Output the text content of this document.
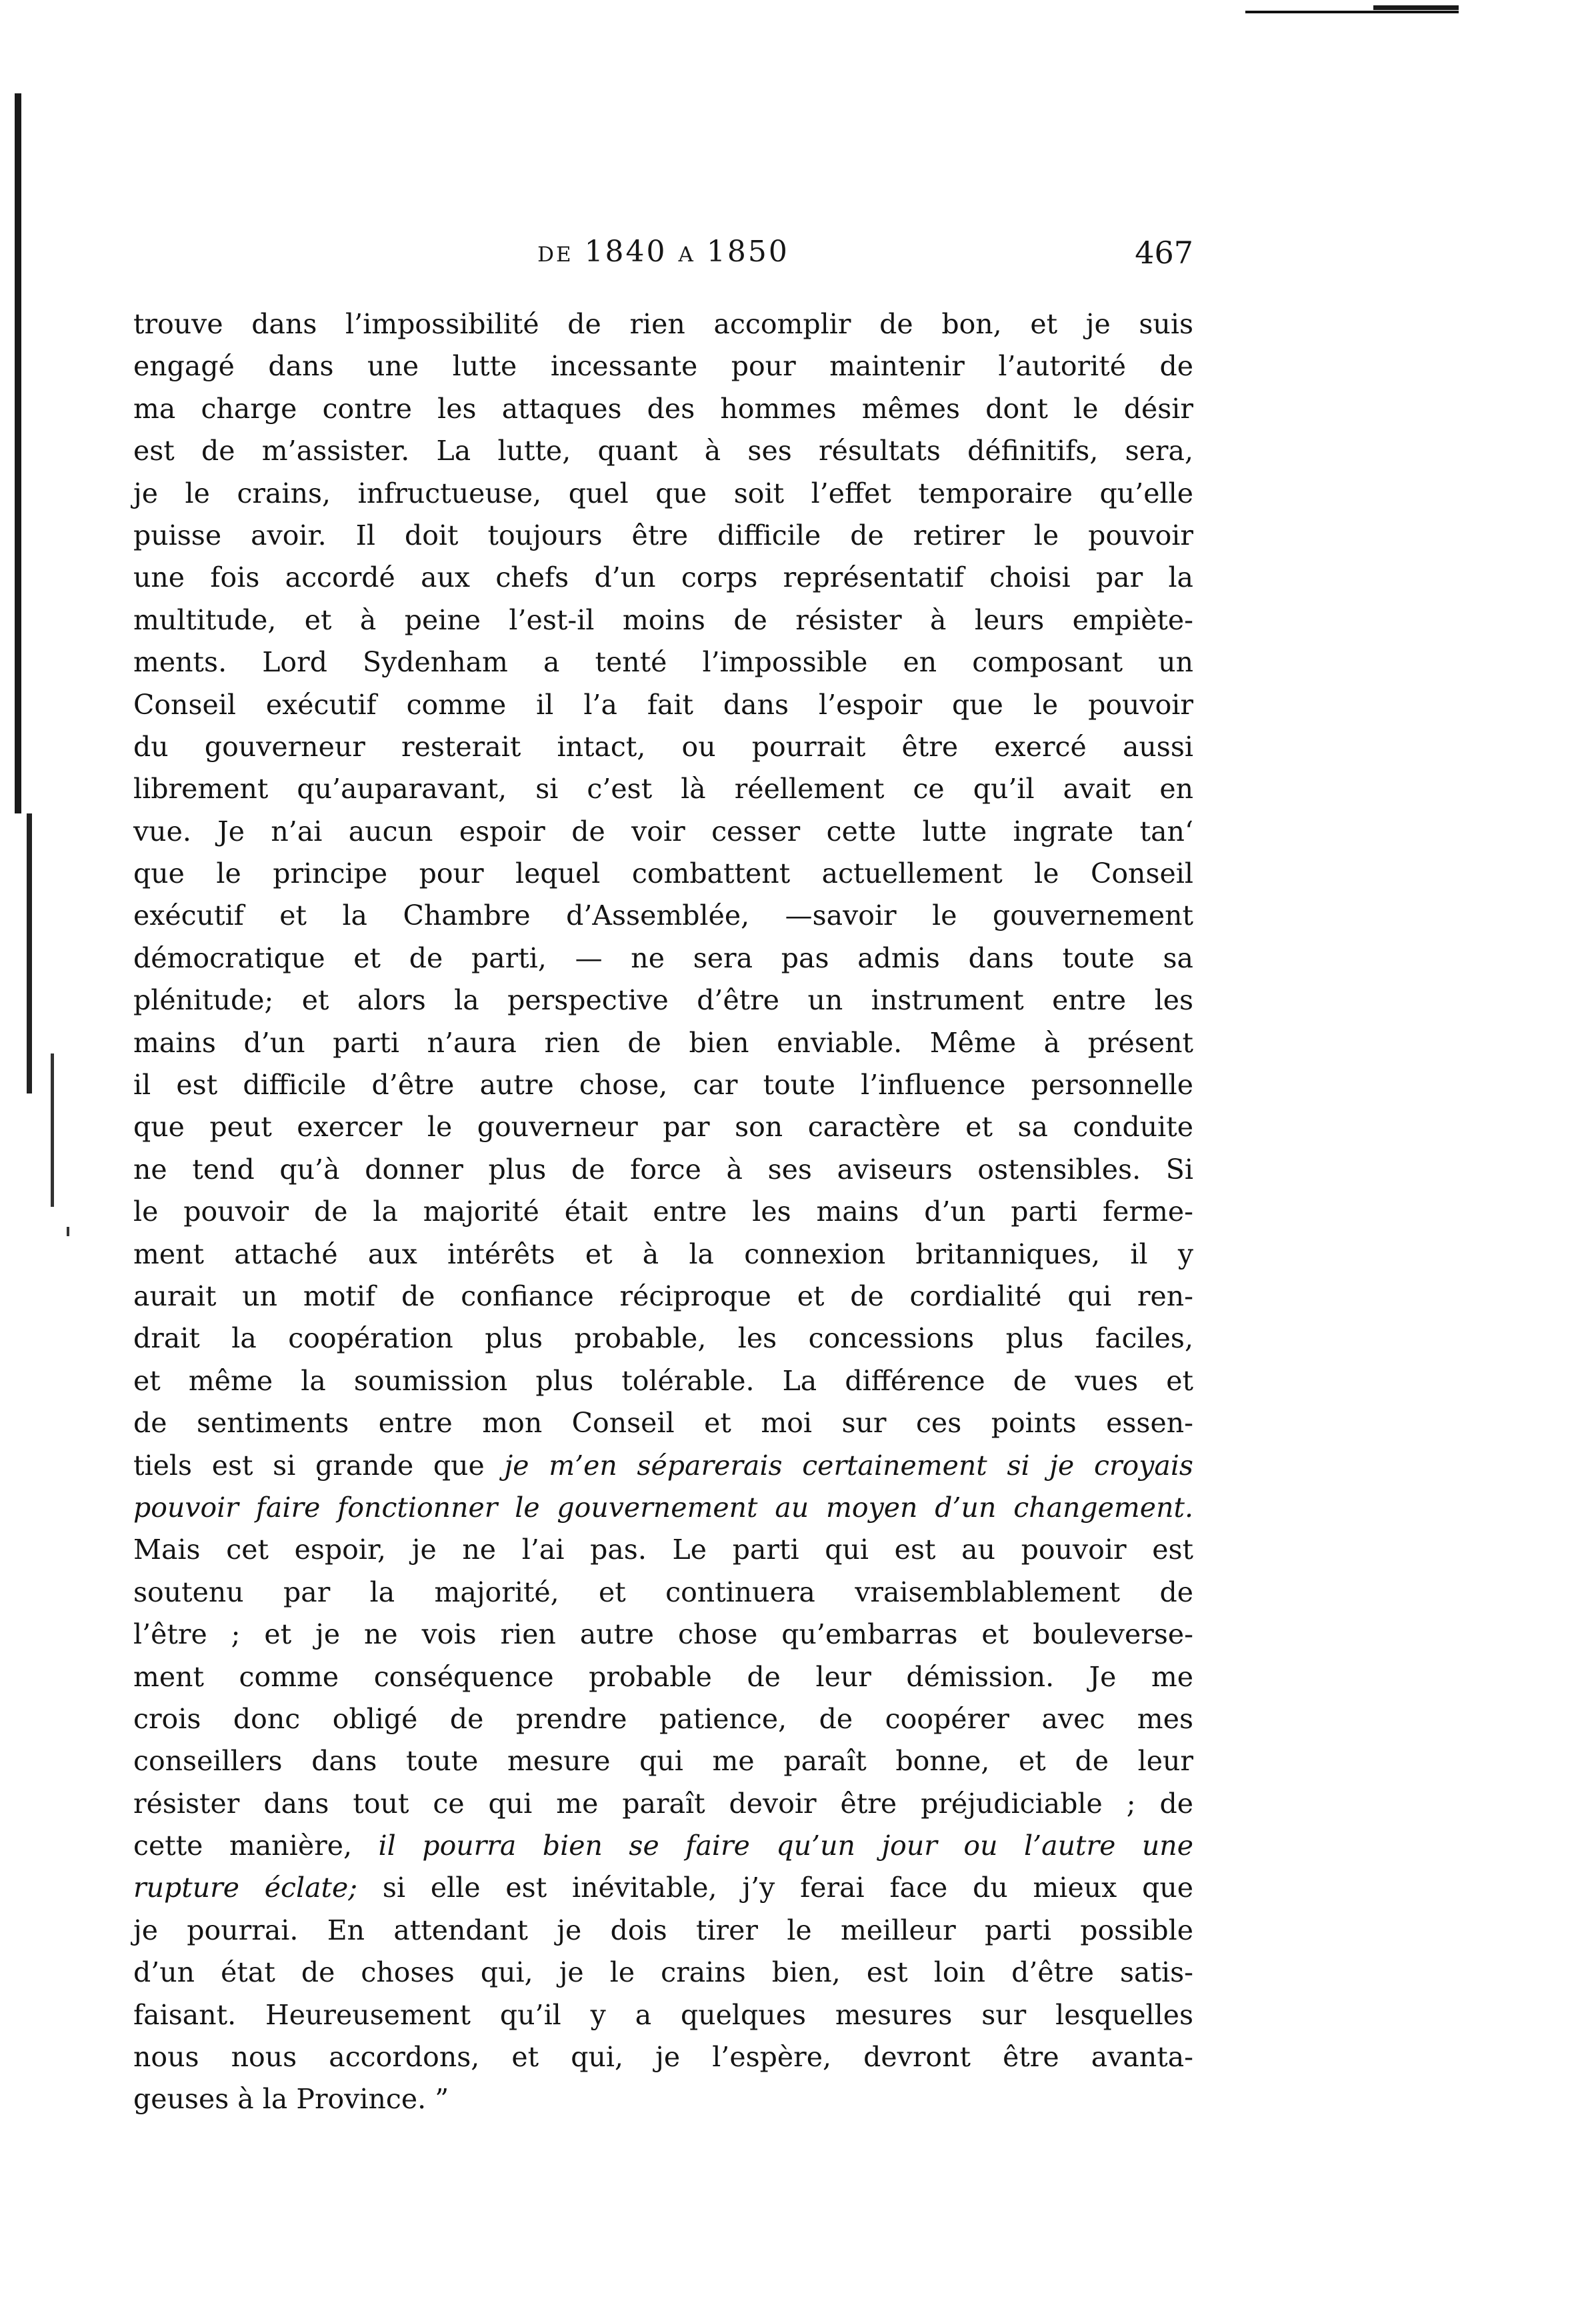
de 1840 a 1850	467
trouve dans l’impossibilité de rien accomplir de bon, et je suis
engagé dans une lutte incessante pour maintenir l’autorité de
ma charge contre les attaques des hommes mêmes dont le désir
est de m’assister. La lutte, quant à ses résultats définitifs, sera,
je le crains, infructueuse, quel que soit l’effet temporaire qu’elle
puisse avoir. Il doit toujours être difficile de retirer le pouvoir
une fois accordé aux chefs d’un corps représentatif choisi par la
multitude, et à peine l’est-il moins de résister à leurs empiète-
ments. Lord Sydenham a tenté l’impossible en composant un
Conseil exécutif comme il l’a fait dans l’espoir que le pouvoir
du gouverneur resterait intact, ou pourrait être exercé aussi
librement qu’auparavant, si c’est là réellement ce qu’il avait en
vue. Je n’ai aucun espoir de voir cesser cette lutte ingrate tan‘
que le principe pour lequel combattent actuellement le Conseil
exécutif et la Chambre d’Assemblée, —savoir le gouvernement
démocratique et de parti, — ne sera pas admis dans toute sa
plénitude; et alors la perspective d’être un instrument entre les
mains d’un parti n’aura rien de bien enviable. Même à présent
il est difficile d’être autre chose, car toute l’influence personnelle
que peut exercer le gouverneur par son caractère et sa conduite
ne tend qu’à donner plus de force à ses aviseurs ostensibles. Si
le pouvoir de la majorité était entre les mains d’un parti ferme-
ment attaché aux intérêts et à la connexion britanniques, il y
aurait un motif de confiance réciproque et de cordialité qui ren-
drait la coopération plus probable, les concessions plus faciles,
et même la soumission plus tolérable. La différence de vues et
de sentiments entre mon Conseil et moi sur ces points essen-
tiels est si grande que je m’en séparerais certainement si je croyais
pouvoir faire fonctionner le gouvernement au moyen d’un changement.
Mais cet espoir, je ne l’ai pas. Le parti qui est au pouvoir est
soutenu par la majorité, et continuera vraisemblablement de
l’être ; et je ne vois rien autre chose qu’embarras et bouleverse-
ment comme conséquence probable de leur démission. Je me
crois donc obligé de prendre patience, de coopérer avec mes
conseillers dans toute mesure qui me paraît bonne, et de leur
résister dans tout ce qui me paraît devoir être préjudiciable ; de
cette manière, il pourra bien se faire qu’un jour ou l’autre une
rupture éclate; si elle est inévitable, j’y ferai face du mieux que
je pourrai. En attendant je dois tirer le meilleur parti possible
d’un état de choses qui, je le crains bien, est loin d’être satis-
faisant. Heureusement qu’il y a quelques mesures sur lesquelles
nous nous accordons, et qui, je l’espère, devront être avanta-
geuses à la Province. ”
